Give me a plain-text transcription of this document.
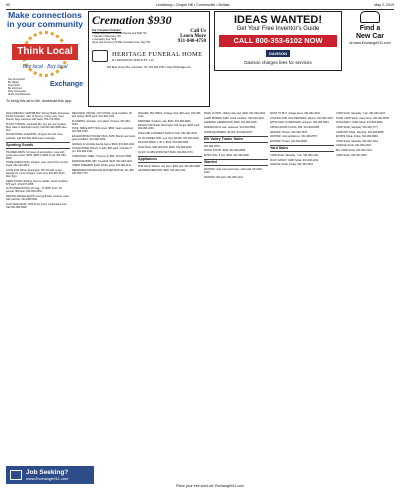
50	Lewisburg • Chapel Hill • Cornersville • Belfast	May 2, 2019
Make connections
in your community
Think Local
Buy local · Buy local
Get Connected
Be Happy
Feel Good
Be Informed
Stay Connected
Find Local Business
Exchange
To bring this ad to life, download this app:
Cremation $930
Our Cremation Includes:
• Basic Services of Funeral Director and Staff *All
• Transfer of Remains *39
• Crematory Fee *200
(Fees and service) •75 Mile Cremation Fee, Tag *NO
Call Us
Learn More
931-840-4750
HERITAGE FUNERAL HOME
& CREMATION SERVICES, LLC
620 Bear Creek Pike, Columbia, TN • 931-840-4750 • www.TNHeritage.com
IDEAS WANTED!
Get Your Free Inventor's Guide
CALL 800-353-6102 NOW
DAVISON
Davison charges fees for services
Find a
New Car
at www.Exchange911.com
DOG FRIENDLY LEWISBURG! Spring Middle Tennessee Parish fundraiser, sale 10 Spruce. Come early, meet friends, dogs welcome with leash. 931-270-0018.
PLANT, TOWING, overhead lifts. Any job, any location. Best value in Marshall County. Call 931-993-4580 after 5pm.
SOLAR PANEL CLEANING, all types of roofs. Free estimate. Call 615-482-0011 leave message.
Sporting Goods
TRAINER ARMS, 12 boxes of ammunition, case with scope and extras, $150, $165 or $400 for all. 931-684-5502.
HOME INSPECTION, shotgun, rack, tripod 8 fix mounts, stand. 931-222-4501.
GUNS FOR SALE. Remington 700 270 with scope, Savage 22, pump shotgun. Cash only. 931-987-6140 after 6pm.
DEER STAND climbing, lock-on, ladder. Good condition. $75 each. 931-637-4055.
AUTO AMMUNITION, 22 mag, .17 HMR, 9mm, 38 special, 380 auto. 931-829-0051.
DRIVING RANGE EQUIP. Used golf balls, buckets, mats, ball machine. 931-698-5082.
GUN SAFE 60x30, 1500 lb fire proof, combination lock. Call 931-993-4508.
RECLINER, OFFICE, LIFT CHAIR, good condition, lift and recline. $150 each. 931-993-7021.
FLOORING, laminate, vinyl plank, 9 boxes. 931-993-5204.
POOL TABLE WITH SNG cover, $500. Near Lewisburg. 931-683-1000.
EAGEROSITIES HOCKEY BAG, $150. Brand new boots, good condition. 931-698-1000.
SAVAGE 12 GAUGE double barrel, $300. 931-993-1001.
COLLECTIBLE DOLLS, 6 dolls, $20 each. Call after 5 pm. 931-993-4441.
CHRISTMAS TREE, 7 foot pre-lit, $50. 931-637-0555.
EXERCISE BIKE, $60. Treadmill, $125. 931-993-2222.
CHEST FREEZER, $100. Works great. 931-683-1111.
REFRIGERATOR DELUXE MASTER MOTOR, fan, $50. 931-993-7770.
WALKER, PIE TABLE, Vintage chair, $25 each. 931-993-1212.
DRESSER, 6 drawer, oak, $150. 931-993-8080.
RIFLES FOR SALE. Remington 700, Ruger, $400 each. 931-993-2020.
SOFA AND LOVESEAT, $200 for both. 931-993-3030.
20' RV INSPECTION, new tires, $3,500. 931-993-4040.
ROLLER MARK 1 UP 2, $100. 931-993-5050.
GOLF BALL AND WAGON, $200. 931-993-6060.
QUICK CLUBS ROOM SET, $200. 931-993-7070.
Appliances
FOR SALE: Washer and dryer, $300 pair. 931-993-9090.
GE REFRIGERATOR, $250. 931-993-1111.
RIGID 10 INCH, sliding mitre saw, $200. 931-993-2323.
LAWN MOWER, $150. Good condition. 931-993-3434.
GENERAC GENERATOR, $500. 931-993-4545.
FIREWOOD for sale, delivered. 931-993-5656.
FARM EQUIPMENT, $1,000. 931-993-6767.
Elk Valley Trader Sales
931-993-7878.
WOOD STOVE, $250. 931-993-8989.
BUSH HOG, 5 foot, $400. 931-993-9090.
Wanted
WANTED: Junk cars and trucks, cash paid. 931-993-1010.
WANTED: Old tools. 931-993-2121.
WANT TO BUY, vintage items. 931-993-3232.
LOOKING FOR OLD RECORDS, albums. 931-993-4343.
WHICH WAY IS WESTERN, antiques. 931-993-5454.
CROSS ROOM CLOCK, $50. 931-993-6565.
WANTED: Horses. 931-993-7676.
WANTED: Junk appliances. 931-993-8787.
WANTED: Tractor. 931-993-9898.
Yard Sales
YARD SALE, Saturday, 7 am. 931-993-1111.
MULTI-FAMILY YARD SALE. 931-993-2222.
GARAGE SALE, Friday. 931-993-3333.
YARD SALE, Saturday, 7 am. 931-993-4444.
HUGE YARD SALE, many items. 931-993-5555.
FIVE FAMILY YARD SALE. 931-993-6666.
YARD SALE, Saturday. 931-993-7777.
CARPORT SALE, Saturday. 931-993-8888.
ESTATE SALE, Friday. 931-993-9999.
YARD SALE, Saturday. 931-993-1212.
GARAGE SALE. 931-993-2323.
BIG YARD SALE. 931-993-3434.
YARD SALE. 931-993-4545.
Job Seeking?
www.Exchange911.com
Place your free word ad: Exchange911.com
